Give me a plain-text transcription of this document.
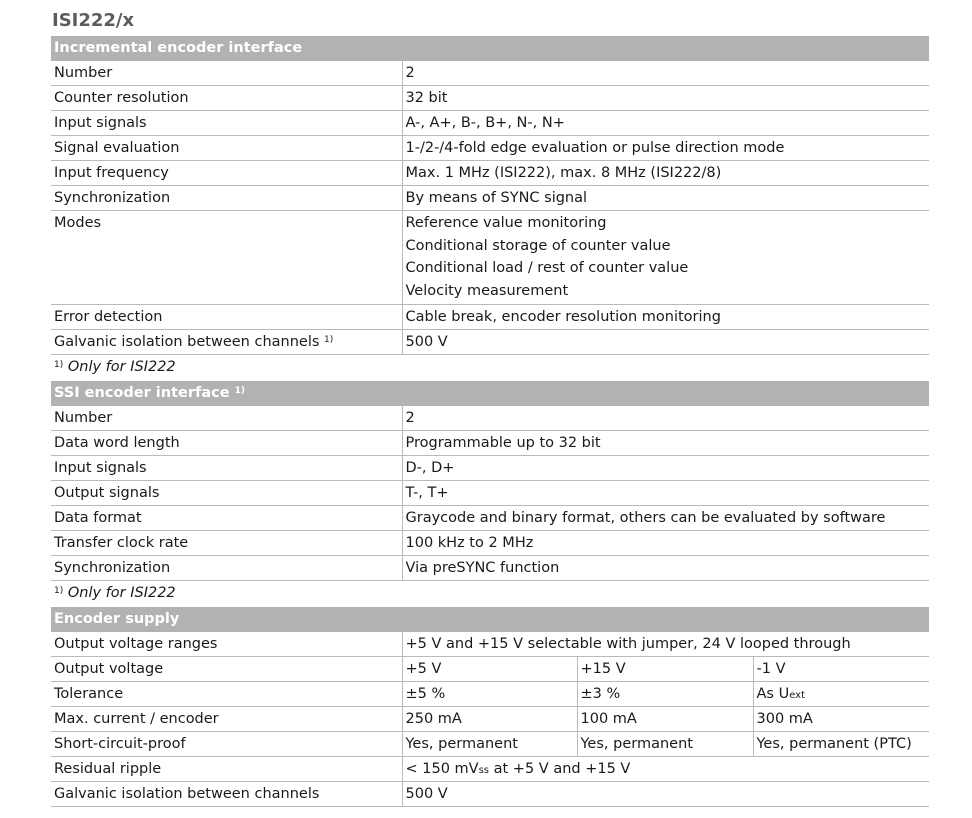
ISI222/x
Incremental encoder interface			
Number	2		
Counter resolution	32 bit		
Input signals	A-, A+, B-, B+, N-, N+		
Signal evaluation	1-/2-/4-fold edge evaluation or pulse direction mode		
Input frequency	Max. 1 MHz (ISI222), max. 8 MHz (ISI222/8)		
Synchronization	By means of SYNC signal		
Modes	Reference value monitoring
Conditional storage of counter value
Conditional load / rest of counter value
Velocity measurement		

Error detection	Cable break, encoder resolution monitoring		
Galvanic isolation between channels $^{1)}$	500 V		
$^{1)}$ Only for ISI222			
SSI encoder interface $^{1)}$
Number	2		
Data word length	Programmable up to 32 bit		
Input signals	D-, D+		
Output signals	T-, T+		
Data format	Graycode and binary format, others can be evaluated by software		
Transfer clock rate	100 kHz to 2 MHz		
Synchronization	Via preSYNC function		
$^{1)}$ Only for ISI222			
Encoder supply			
Output voltage ranges	+5 V and +15 V selectable with jumper, 24 V looped through		
Output voltage	+5 V	+15 V	-1 V
Tolerance	±5 %	±3 %	As $U_{ext}$
Max. current / encoder	250 mA	100 mA	300 mA
Short-circuit-proof	Yes, permanent	Yes, permanent	Yes, permanent (PTC)
Residual ripple	< 150 $mV_{ss}$ at +5 V and +15 V		
Galvanic isolation between channels	500 V		
